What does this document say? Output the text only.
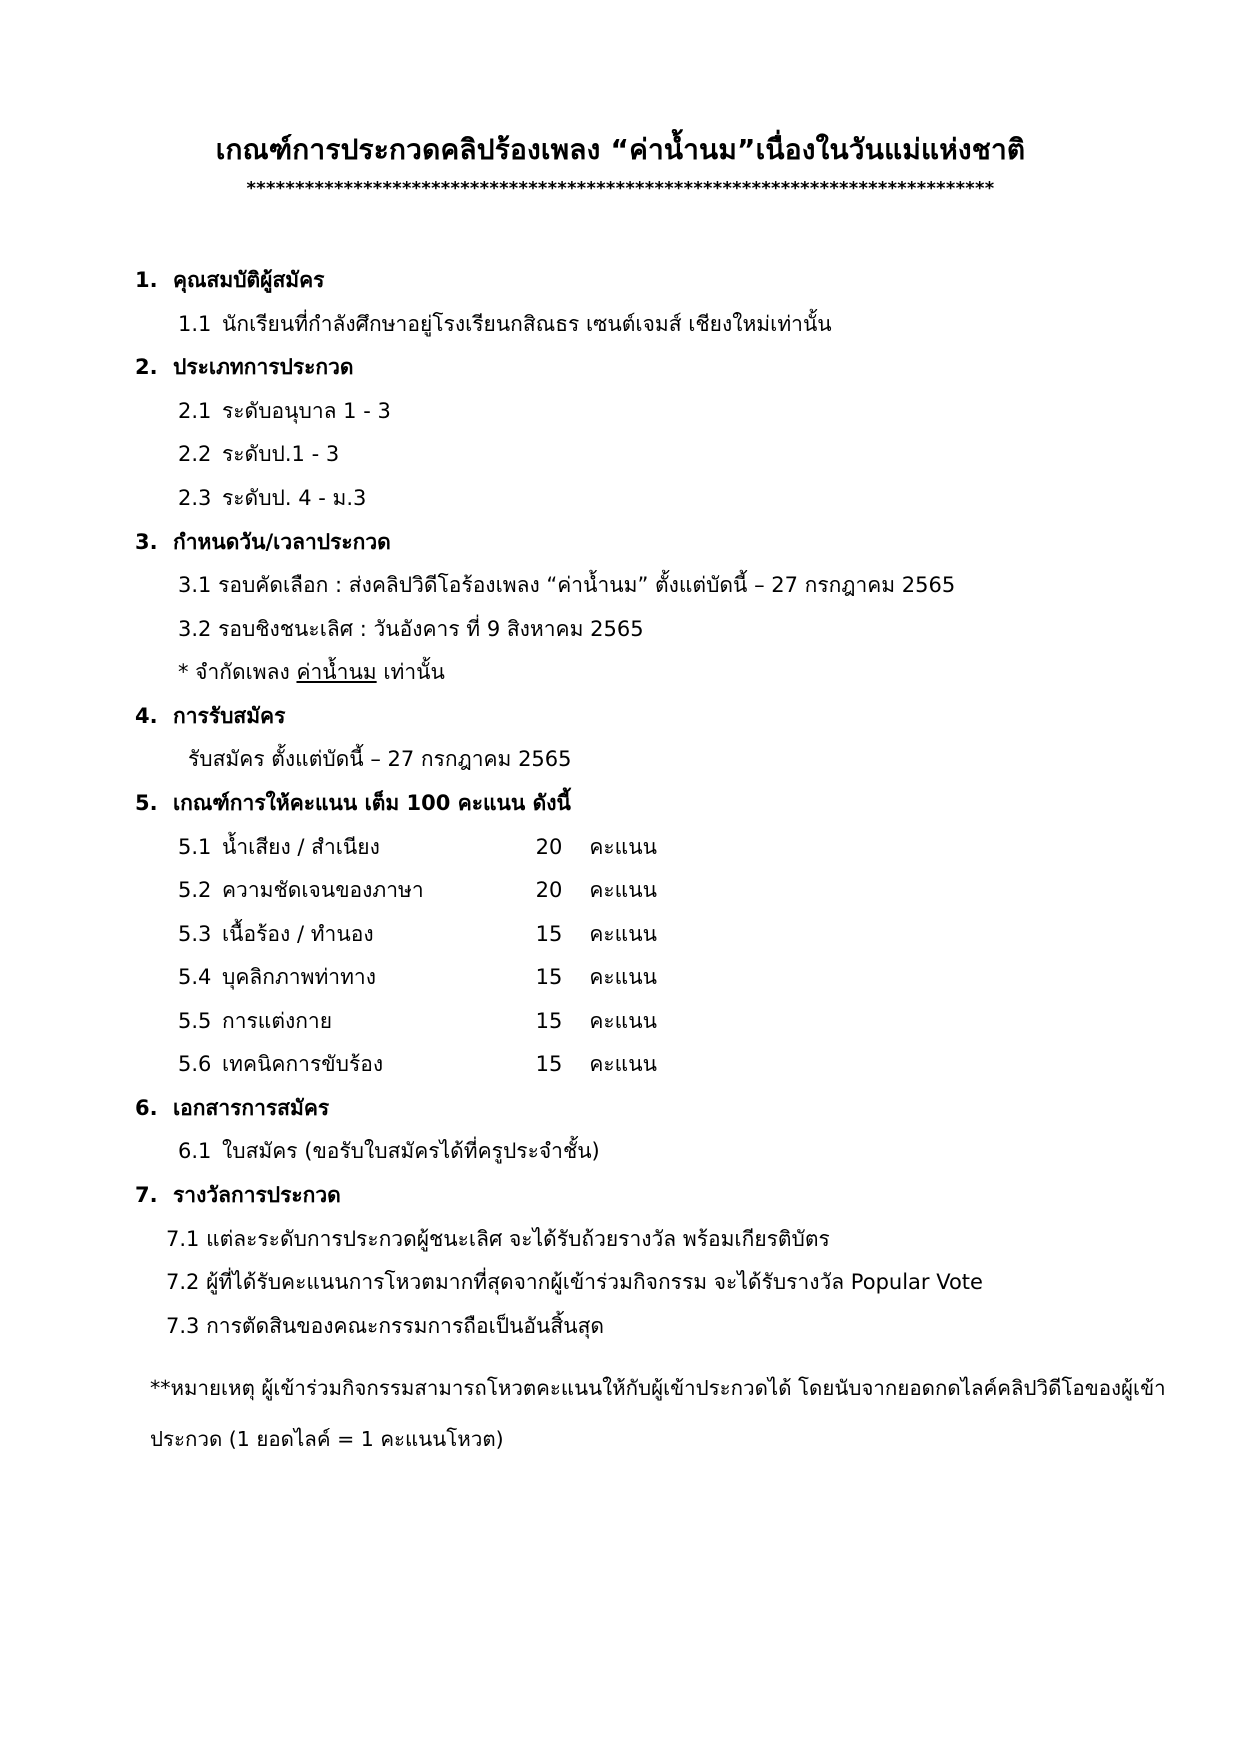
เกณฑ์การประกวดคลิปร้องเพลง “ค่าน้ำนม”เนื่องในวันแม่แห่งชาติ
*****************************************************************************
1. คุณสมบัติผู้สมัคร
1.1 นักเรียนที่กำลังศึกษาอยู่โรงเรียนกสิณธร เซนต์เจมส์ เชียงใหม่เท่านั้น
2. ประเภทการประกวด
2.1 ระดับอนุบาล 1 - 3
2.2 ระดับป.1 - 3
2.3 ระดับป. 4 - ม.3
3. กำหนดวัน/เวลาประกวด
3.1 รอบคัดเลือก : ส่งคลิปวิดีโอร้องเพลง “ค่าน้ำนม” ตั้งแต่บัดนี้ – 27 กรกฎาคม 2565
3.2 รอบชิงชนะเลิศ : วันอังคาร ที่ 9 สิงหาคม 2565
* จำกัดเพลง ค่าน้ำนม เท่านั้น
4. การรับสมัคร
รับสมัคร ตั้งแต่บัดนี้ – 27 กรกฎาคม 2565
5. เกณฑ์การให้คะแนน เต็ม 100 คะแนน ดังนี้
5.1 น้ำเสียง / สำเนียง	20 คะแนน
5.2 ความชัดเจนของภาษา	20 คะแนน
5.3 เนื้อร้อง / ทำนอง	15 คะแนน
5.4 บุคลิกภาพท่าทาง	15 คะแนน
5.5 การแต่งกาย	15 คะแนน
5.6 เทคนิคการขับร้อง	15 คะแนน
6. เอกสารการสมัคร
6.1 ใบสมัคร (ขอรับใบสมัครได้ที่ครูประจำชั้น)
7. รางวัลการประกวด
7.1 แต่ละระดับการประกวดผู้ชนะเลิศ จะได้รับถ้วยรางวัล พร้อมเกียรติบัตร
7.2 ผู้ที่ได้รับคะแนนการโหวตมากที่สุดจากผู้เข้าร่วมกิจกรรม จะได้รับรางวัล Popular Vote
7.3 การตัดสินของคณะกรรมการถือเป็นอันสิ้นสุด
**หมายเหตุ ผู้เข้าร่วมกิจกรรมสามารถโหวตคะแนนให้กับผู้เข้าประกวดได้ โดยนับจากยอดกดไลค์คลิปวิดีโอของผู้เข้า
ประกวด (1 ยอดไลค์ = 1 คะแนนโหวต)
